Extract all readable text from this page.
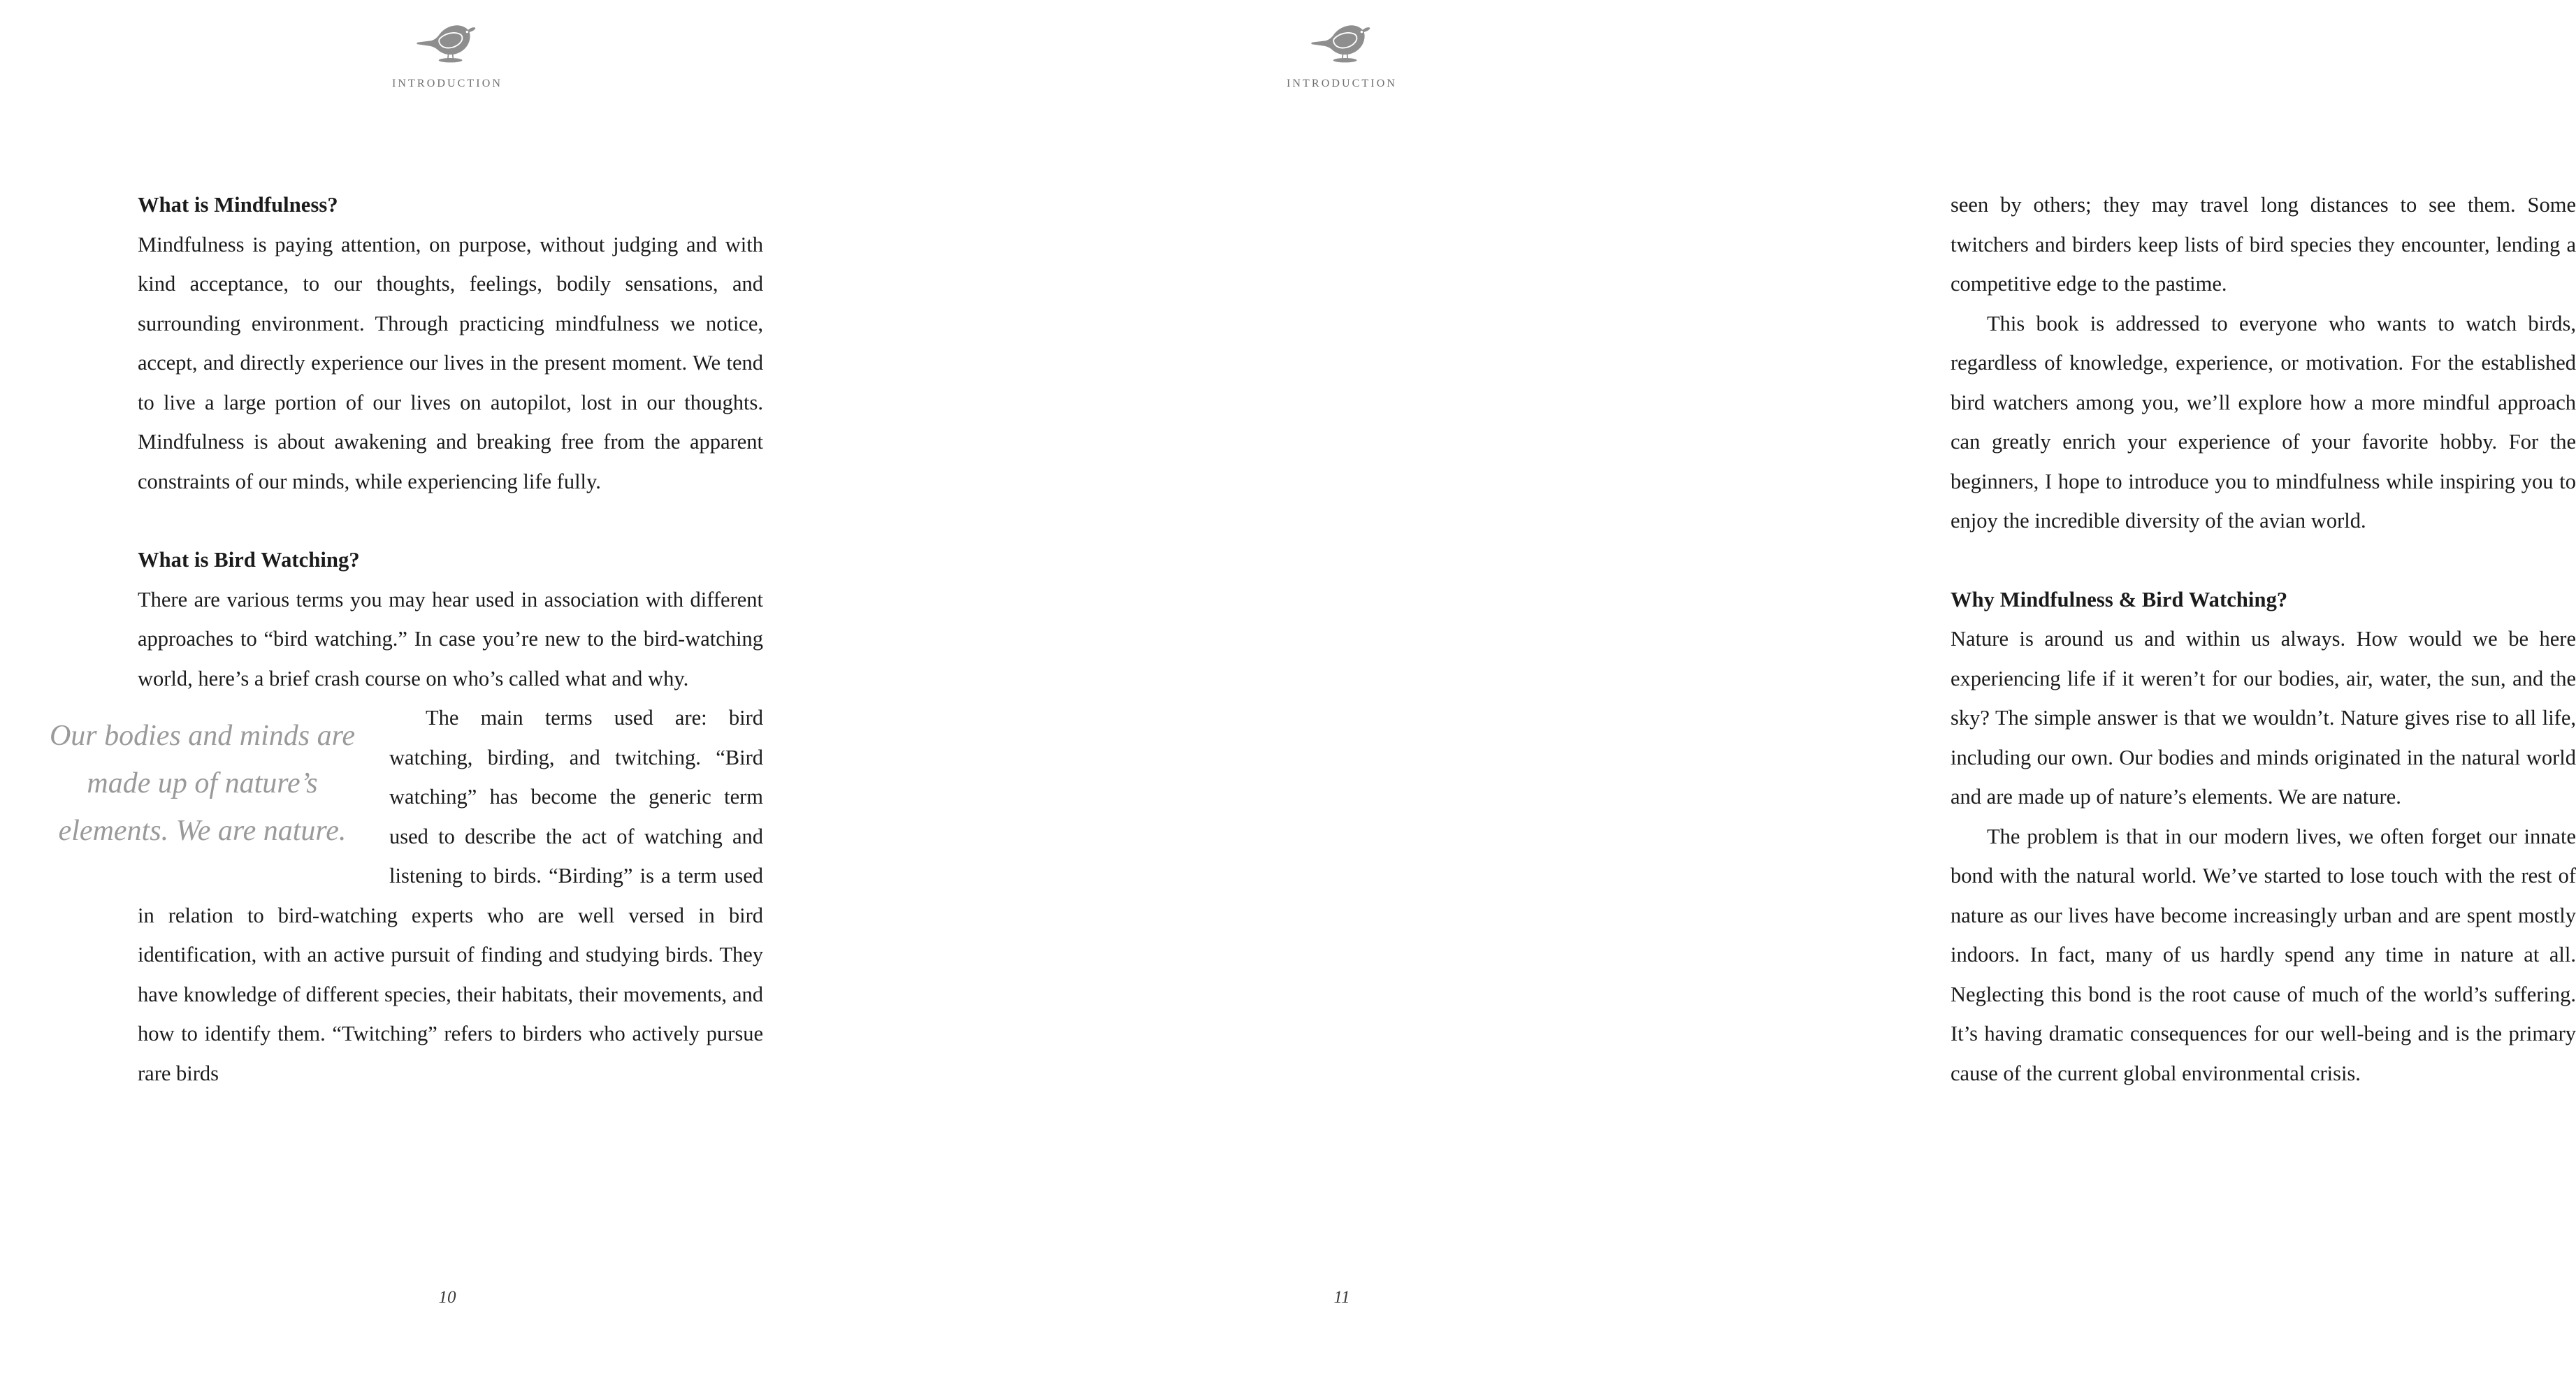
introduction
What is Mindfulness?

Mindfulness is paying attention, on purpose, without judging and with kind acceptance, to our thoughts, feelings, bodily sensations, and surrounding environment. Through practicing mindfulness we notice, accept, and directly experience our lives in the present moment. We tend to live a large portion of our lives on autopilot, lost in our thoughts. Mindfulness is about awakening and breaking free from the apparent constraints of our minds, while experiencing life fully.

What is Bird Watching?

There are various terms you may hear used in association with different approaches to “bird watching.” In case you’re new to the bird-watching world, here’s a brief crash course on who’s called what and why.

Our bodies and minds are made up of nature’s elements. We are nature.

The main terms used are: bird watching, birding, and twitching. “Bird watching” has become the generic term used to describe the act of watching and listening to birds. “Birding” is a term used in relation to bird-watching experts who are well versed in bird identification, with an active pursuit of finding and studying birds. They have knowledge of different species, their habitats, their movements, and how to identify them. “Twitching” refers to birders who actively pursue rare birds

10
introduction

seen by others; they may travel long distances to see them. Some twitchers and birders keep lists of bird species they encounter, lending a competitive edge to the pastime.

This book is addressed to everyone who wants to watch birds, regardless of knowledge, experience, or motivation. For the established bird watchers among you, we’ll explore how a more mindful approach can greatly enrich your experience of your favorite hobby. For the beginners, I hope to introduce you to mindfulness while inspiring you to enjoy the incredible diversity of the avian world.

Why Mindfulness & Bird Watching?

Nature is around us and within us always. How would we be here experiencing life if it weren’t for our bodies, air, water, the sun, and the sky? The simple answer is that we wouldn’t. Nature gives rise to all life, including our own. Our bodies and minds originated in the natural world and are made up of nature’s elements. We are nature.

The problem is that in our modern lives, we often forget our innate bond with the natural world. We’ve started to lose touch with the rest of nature as our lives have become increasingly urban and are spent mostly indoors. In fact, many of us hardly spend any time in nature at all. Neglecting this bond is the root cause of much of the world’s suffering. It’s having dramatic consequences for our well-being and is the primary cause of the current global environmental crisis.

11
